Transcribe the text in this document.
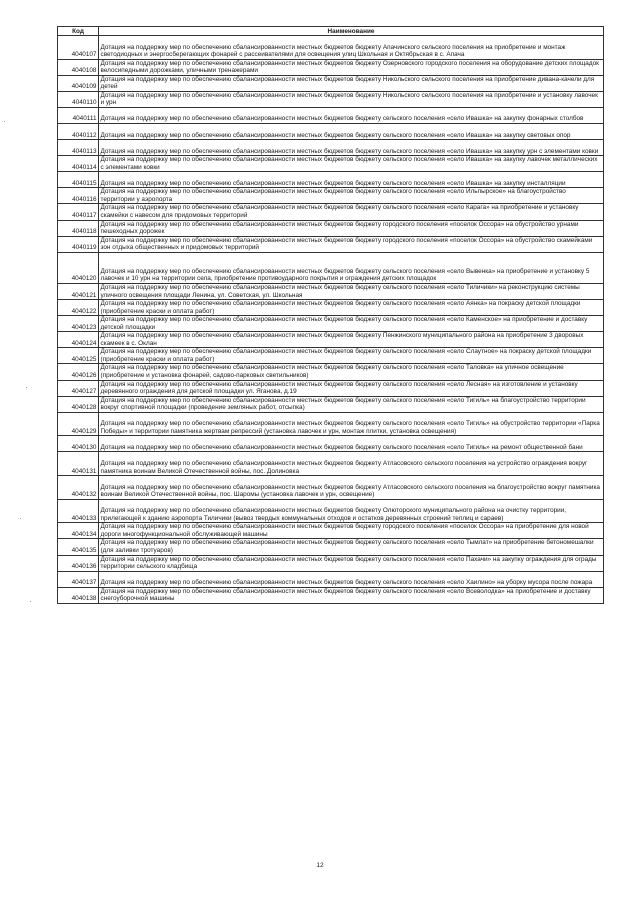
Код	Наименование
4040107	Дотация на поддержку мер по обеспечению сбалансированности местных бюджетов бюджету Апачинского сельского поселения на приобретение и монтаж светодиодных и энергосберегающих фонарей с рассеивателями для освещения улиц Школьная и Октябрьская в с. Апача
4040108	Дотация на поддержку мер по обеспечению сбалансированности местных бюджетов бюджету Озерновского городского поселения на оборудование детских площадок велосипедными дорожками, уличными тренажерами
4040109	Дотация на поддержку мер по обеспечению сбалансированности местных бюджетов бюджету Никольского сельского поселения на приобретение дивана-качели для детей
4040110	Дотация на поддержку мер по обеспечению сбалансированности местных бюджетов бюджету Никольского сельского поселения на приобретение и установку лавочек и урн
4040111	Дотация на поддержку мер по обеспечению сбалансированности местных бюджетов бюджету сельского поселения «село Ивашка» на закупку фонарных столбов
4040112	Дотация на поддержку мер по обеспечению сбалансированности местных бюджетов бюджету сельского поселения «село Ивашка» на закупку световых опор
4040113	Дотация на поддержку мер по обеспечению сбалансированности местных бюджетов бюджету сельского поселения «село Ивашка» на закупку урн с элементами ковки
4040114	Дотация на поддержку мер по обеспечению сбалансированности местных бюджетов бюджету сельского поселения «село Ивашка» на закупку лавочек металлических с элементами ковки
4040115	Дотация на поддержку мер по обеспечению сбалансированности местных бюджетов бюджету сельского поселения «село Ивашка» на закупку инсталляции
4040116	Дотация на поддержку мер по обеспечению сбалансированности местных бюджетов бюджету сельского поселения «село Ильпырское» на благоустройство территории у аэропорта
4040117	Дотация на поддержку мер по обеспечению сбалансированности местных бюджетов бюджету сельского поселения «село Карага» на приобретение и установку скамейки с навесом для придомовых территорий
4040118	Дотация на поддержку мер по обеспечению сбалансированности местных бюджетов бюджету городского поселения «поселок Оссора» на обустройство урнами пешеходных дорожек
4040119	Дотация на поддержку мер по обеспечению сбалансированности местных бюджетов бюджету городского поселения «поселок Оссора» на обустройство скамейками зон отдыха общественных и придомовых территорий
4040120	Дотация на поддержку мер по обеспечению сбалансированности местных бюджетов бюджету сельского поселения «село Вывенка» на приобретение и установку 5 лавочек и 10 урн на территории села, приобретение противоударного покрытия и ограждения детских площадок
4040121	Дотация на поддержку мер по обеспечению сбалансированности местных бюджетов бюджету сельского поселения «село Тиличики» на реконструкцию системы уличного освещения площади Ленина, ул. Советская, ул. Школьная
4040122	Дотация на поддержку мер по обеспечению сбалансированности местных бюджетов бюджету сельского поселения «село Аянка» на покраску детской площадки (приобретение краски и оплата работ)
4040123	Дотация на поддержку мер по обеспечению сбалансированности местных бюджетов бюджету сельского поселения «село Каменское» на приобретение и доставку детской площадки
4040124	Дотация на поддержку мер по обеспечению сбалансированности местных бюджетов бюджету Пенжинского муниципального района на приобретение 3 дворовых скамеек в с. Оклан
4040125	Дотация на поддержку мер по обеспечению сбалансированности местных бюджетов бюджету сельского поселения «село Слаутное» на покраску детской площадки (приобретение краски и оплата работ)
4040126	Дотация на поддержку мер по обеспечению сбалансированности местных бюджетов бюджету сельского поселения «село Таловка» на уличное освещение (приобретение и установка фонарей, садово-парковых светильников)
4040127	Дотация на поддержку мер по обеспечению сбалансированности местных бюджетов бюджету сельского поселения «село Лесная» на изготовление и установку деревянного ограждения для детской площадки ул. Ягановa, д.19
4040128	Дотация на поддержку мер по обеспечению сбалансированности местных бюджетов бюджету сельского поселения «село Тигиль» на благоустройство территории вокруг спортивной площадки (проведение земляных работ, отсыпка)
4040129	Дотация на поддержку мер по обеспечению сбалансированности местных бюджетов бюджету сельского поселения «село Тигиль» на обустройство территории «Парка Победы» и территории памятника жертвам репрессий (установка лавочек и урн, монтаж плитки, установка освещения)
4040130	Дотация на поддержку мер по обеспечению сбалансированности местных бюджетов бюджету сельского поселения «село Тигиль» на ремонт общественной бани
4040131	Дотация на поддержку мер по обеспечению сбалансированности местных бюджетов бюджету Атласовского сельского поселения на устройство ограждения вокруг памятника воинам Великой Отечественной войны, пос. Долиновка
4040132	Дотация на поддержку мер по обеспечению сбалансированности местных бюджетов бюджету Атласовского сельского поселения на благоустройство вокруг памятника воинам Великой Отечественной войны, пос. Шаромы (установка лавочек и урн, освещение)
4040133	Дотация на поддержку мер по обеспечению сбалансированности местных бюджетов бюджету Олюторского муниципального района на очистку территории, прилегающей к зданию аэропорта Тиличики (вывоз твердых коммунальных отходов и остатков деревянных строений теплиц и сараев)
4040134	Дотация на поддержку мер по обеспечению сбалансированности местных бюджетов бюджету городского поселения «поселок Оссора» на приобретение для новой дороги многофункциональной обслуживающей машины
4040135	Дотация на поддержку мер по обеспечению сбалансированности местных бюджетов бюджету сельского поселения «село Тымлат» на приобретение бетономешалки (для заливки тротуаров)
4040136	Дотация на поддержку мер по обеспечению сбалансированности местных бюджетов бюджету сельского поселения «село Пахачи» на закупку ограждения для ограды территории сельского кладбища
4040137	Дотация на поддержку мер по обеспечению сбалансированности местных бюджетов бюджету сельского поселения «село Хаилино» на уборку мусора после пожара
4040138	Дотация на поддержку мер по обеспечению сбалансированности местных бюджетов бюджету сельского поселения «село Всеволодка» на приобретение и доставку снегоуборочной машины
12
